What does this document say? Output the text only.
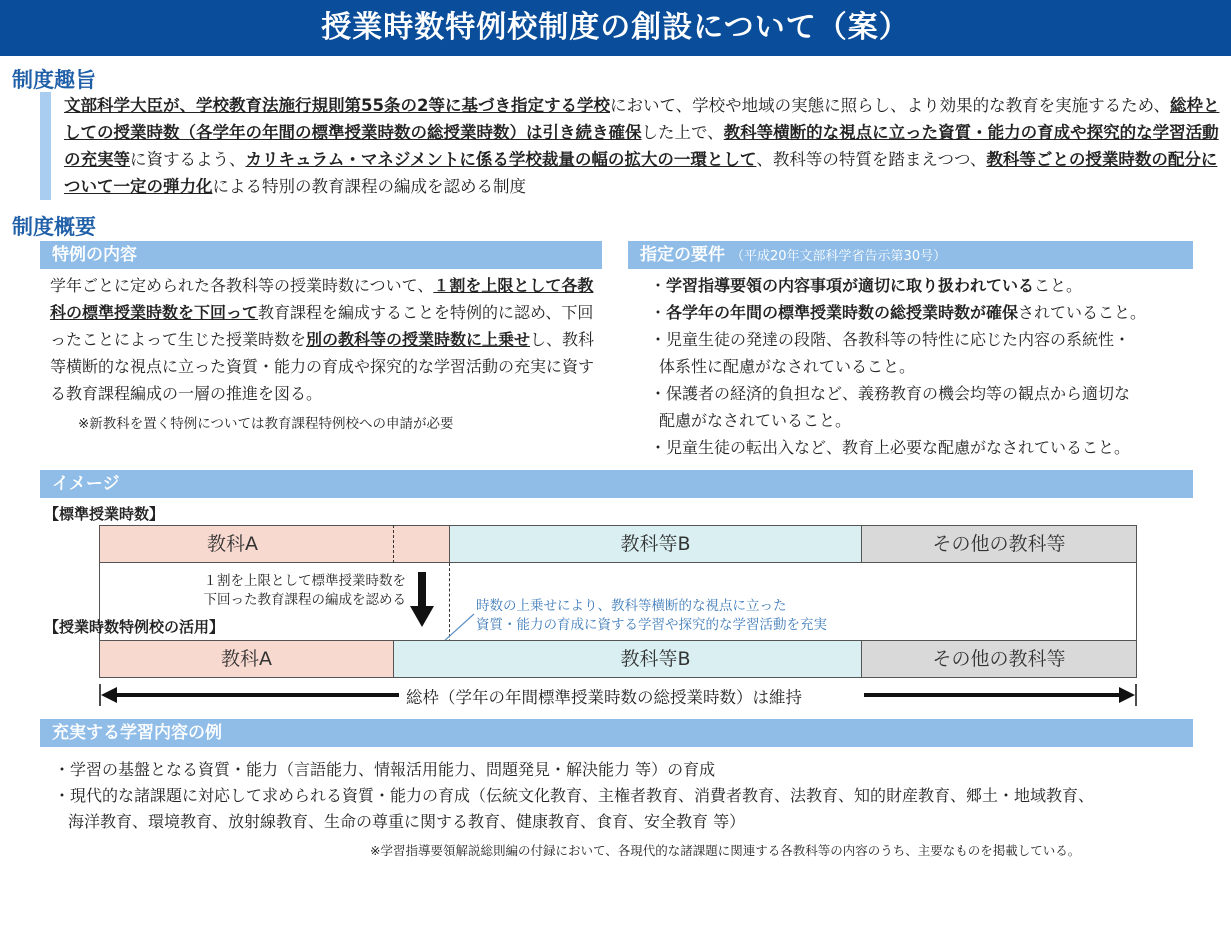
授業時数特例校制度の創設について（案）
制度趣旨
文部科学大臣が、学校教育法施行規則第55条の2等に基づき指定する学校において、学校や地域の実態に照らし、より効果的な教育を実施するため、総枠としての授業時数（各学年の年間の標準授業時数の総授業時数）は引き続き確保した上で、教科等横断的な視点に立った資質・能力の育成や探究的な学習活動の充実等に資するよう、カリキュラム・マネジメントに係る学校裁量の幅の拡大の一環として、教科等の特質を踏まえつつ、教科等ごとの授業時数の配分について一定の弾力化による特別の教育課程の編成を認める制度
制度概要
特例の内容
学年ごとに定められた各教科等の授業時数について、１割を上限として各教科の標準授業時数を下回って教育課程を編成することを特例的に認め、下回ったことによって生じた授業時数を別の教科等の授業時数に上乗せし、教科等横断的な視点に立った資質・能力の育成や探究的な学習活動の充実に資する教育課程編成の一層の推進を図る。
※新教科を置く特例については教育課程特例校への申請が必要
指定の要件 （平成20年文部科学省告示第30号）
・学習指導要領の内容事項が適切に取り扱われていること。
・各学年の年間の標準授業時数の総授業時数が確保されていること。
・児童生徒の発達の段階、各教科等の特性に応じた内容の系統性・
体系性に配慮がなされていること。
・保護者の経済的負担など、義務教育の機会均等の観点から適切な
配慮がなされていること。
・児童生徒の転出入など、教育上必要な配慮がなされていること。
イメージ
【標準授業時数】
教科A	教科等B	その他の教科等
１割を上限として標準授業時数を
下回った教育課程の編成を認める	時数の上乗せにより、教科等横断的な視点に立った
資質・能力の育成に資する学習や探究的な学習活動を充実
【授業時数特例校の活用】
教科A	教科等B	その他の教科等
総枠（学年の年間標準授業時数の総授業時数）は維持
充実する学習内容の例
・学習の基盤となる資質・能力（言語能力、情報活用能力、問題発見・解決能力 等）の育成
・現代的な諸課題に対応して求められる資質・能力の育成（伝統文化教育、主権者教育、消費者教育、法教育、知的財産教育、郷土・地域教育、
海洋教育、環境教育、放射線教育、生命の尊重に関する教育、健康教育、食育、安全教育 等）
※学習指導要領解説総則編の付録において、各現代的な諸課題に関連する各教科等の内容のうち、主要なものを掲載している。
